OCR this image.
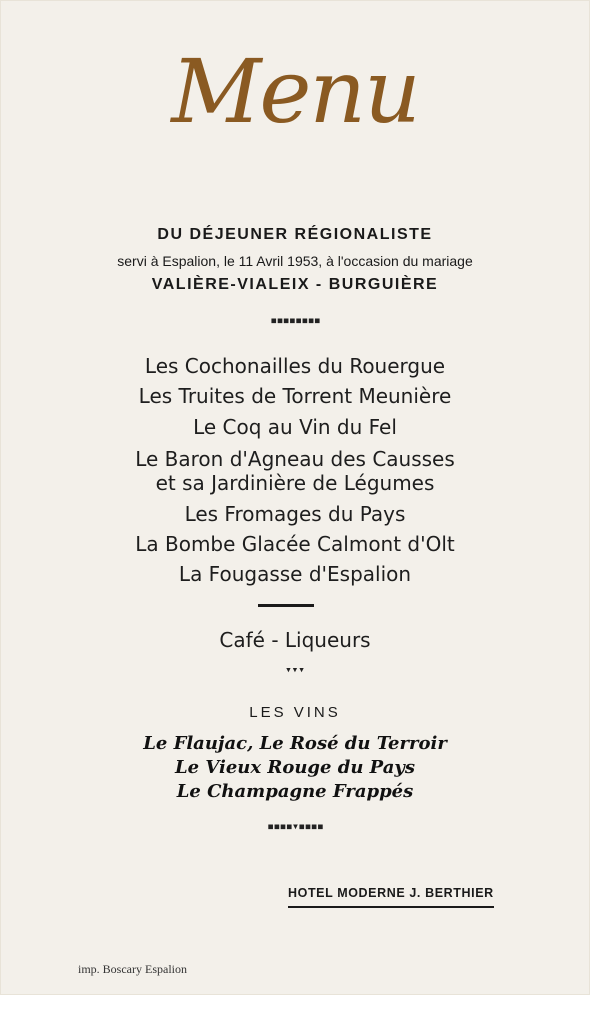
Menu
DU DÉJEUNER RÉGIONALISTE
servi à Espalion, le 11 Avril 1953, à l'occasion du mariage
VALIÈRE-VIALEIX - BURGUIÈRE
▪▪▪▪▪▪▪▪
Les Cochonailles du Rouergue
Les Truites de Torrent Meunière
Le Coq au Vin du Fel
Le Baron d'Agneau des Causses
et sa Jardinière de Légumes
Les Fromages du Pays
La Bombe Glacée Calmont d'Olt
La Fougasse d'Espalion
Café - Liqueurs
▾▾▾
LES VINS
Le Flaujac, Le Rosé du Terroir
Le Vieux Rouge du Pays
Le Champagne Frappés
▪▪▪▪▾▪▪▪▪
HOTEL MODERNE J. BERTHIER
imp. Boscary Espalion
